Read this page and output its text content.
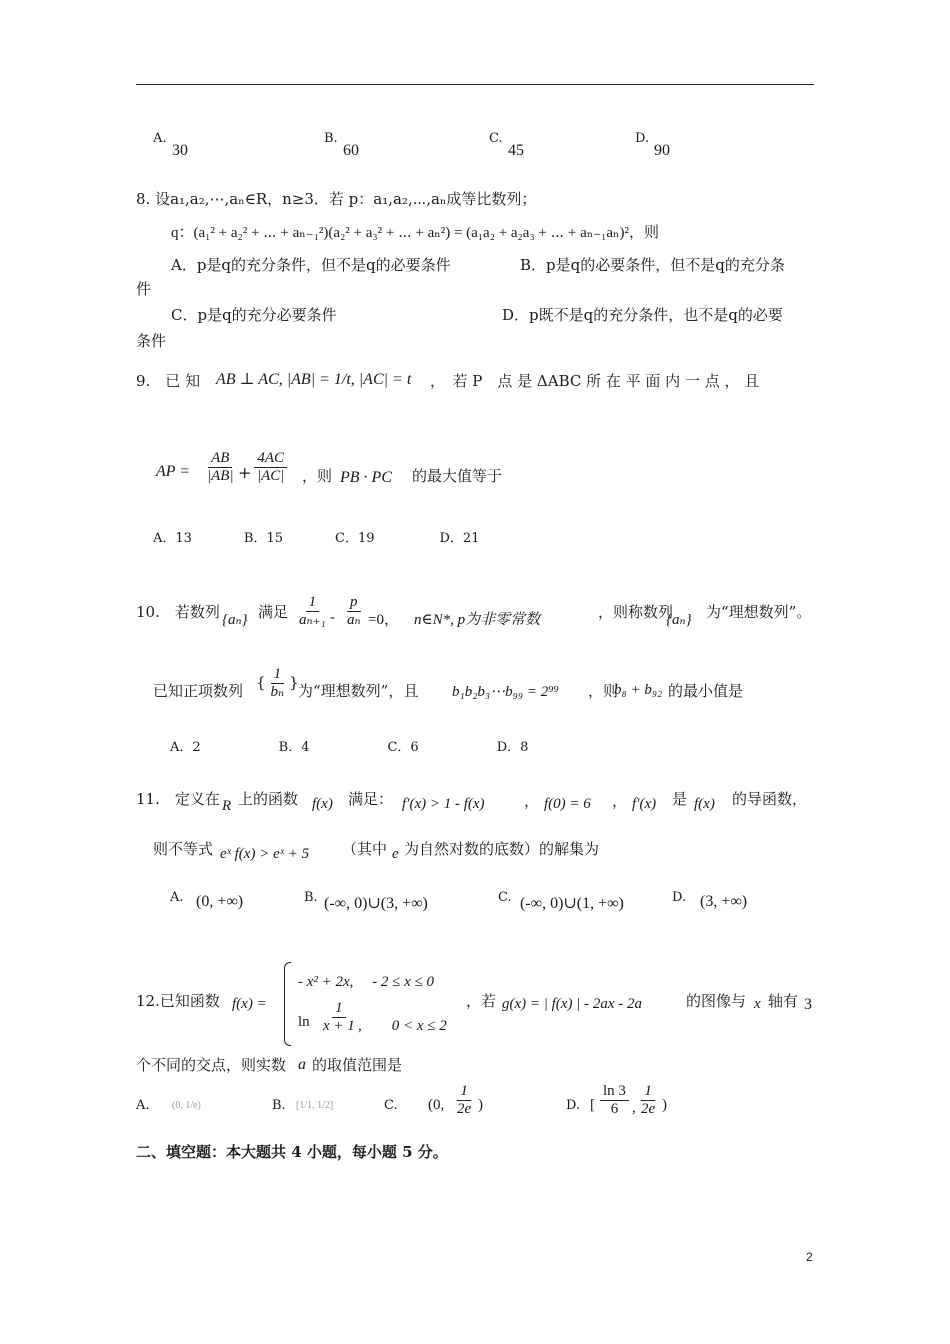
A.
30
B.
60
C.
45
D.
90
8. 设a₁,a₂,⋯,aₙ∈R，n≥3．若 p：a₁,a₂,⋯,aₙ成等比数列；
q：(a₁² + a₂² + ⋯ + aₙ₋₁²)(a₂² + a₃² + ⋯ + aₙ²) = (a₁a₂ + a₂a₃ + ⋯ + aₙ₋₁aₙ)²，则
A．p是q的充分条件，但不是q的必要条件	B．p是q的必要条件，但不是q的充分条
件
C．p是q的充分必要条件	D．p既不是q的充分条件，也不是q的必要
条件
9.　已 知 AB ⊥ AC, |AB| = 1/t, |AC| = t ，　若 P　点 是 ΔABC 所 在 平 面 内 一 点 ， 且
AP = $\frac{AB}{|AB|} + \frac{4AC}{|AC|}$ ，则 PB · PC 的最大值等于
A．13　　　　B．15　　　　C．19　　　　　D．21
10.　若数列 {aₙ} 满足 $\frac{1}{\text{aₙ₊₁}} - \frac{p}{\text{aₙ}} =0$， n∈N*, p为非零常数	，则称数列
{aₙ} 为“理想数列”。
已知正项数列 { $\frac{1}{\text{bₙ}}$ } 为“理想数列”，且 b₁b₂b₃⋯b₉₉ = 2⁹⁹ ，则
b₈ + b₉₂ 的最小值是
A．2　　　　　　B．4　　　　　　C．6　　　　　　D．8
11.　定义在 R 上的函数 f(x) 满足： f′(x) > 1 - f(x)	， f(0) = 6 ， f′(x) 是 f(x) 的导函数，
则不等式 eˣ f(x) > eˣ + 5 （其中 e 为自然对数的底数）的解集为
A. (0, +∞)	B. (-∞, 0)∪(3, +∞)	C. (-∞, 0)∪(1, +∞)	D. (3, +∞)
12.已知函数 f(x) =
- x² + 2x,　 - 2 ≤ x ≤ 0
$\ln \frac{1}{x + 1}$ ,　　0 < x ≤ 2
，若 g(x) = | f(x) | - 2ax - 2a	的图像与 x 轴有 3
个不同的交点，则实数 a 的取值范围是
A. (0, 1/e)	B. [1/1, 1/2]	C. (0, $\frac{1}{2e}$ )	D. [ $\frac{\ln 3}{6}$ , $\frac{1}{2e}$ )
二、填空题：本大题共 4 小题，每小题 5 分。
2
